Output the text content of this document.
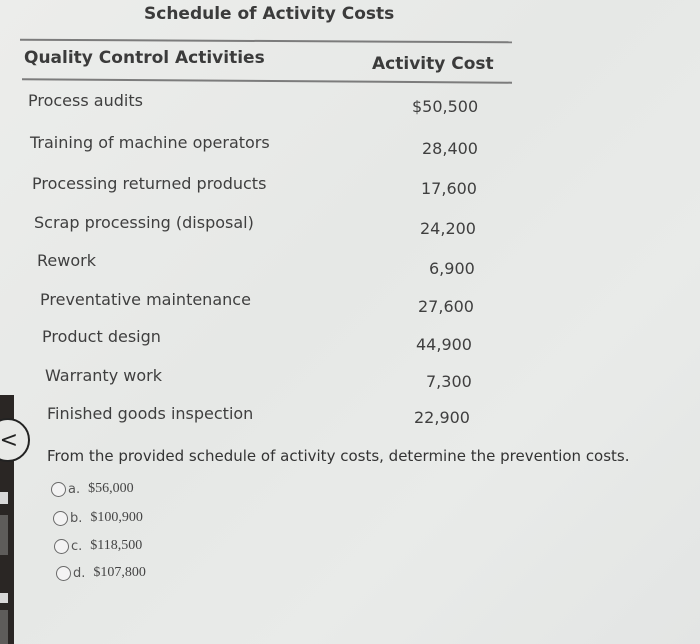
<
Schedule of Activity Costs
Quality Control Activities	Activity Cost
Process audits	$50,500
Training of machine operators	28,400
Processing returned products	17,600
Scrap processing (disposal)	24,200
Rework	6,900
Preventative maintenance	27,600
Product design	44,900
Warranty work	7,300
Finished goods inspection	22,900
From the provided schedule of activity costs, determine the prevention costs.
a. $56,000
b. $100,900
c. $118,500
d. $107,800
